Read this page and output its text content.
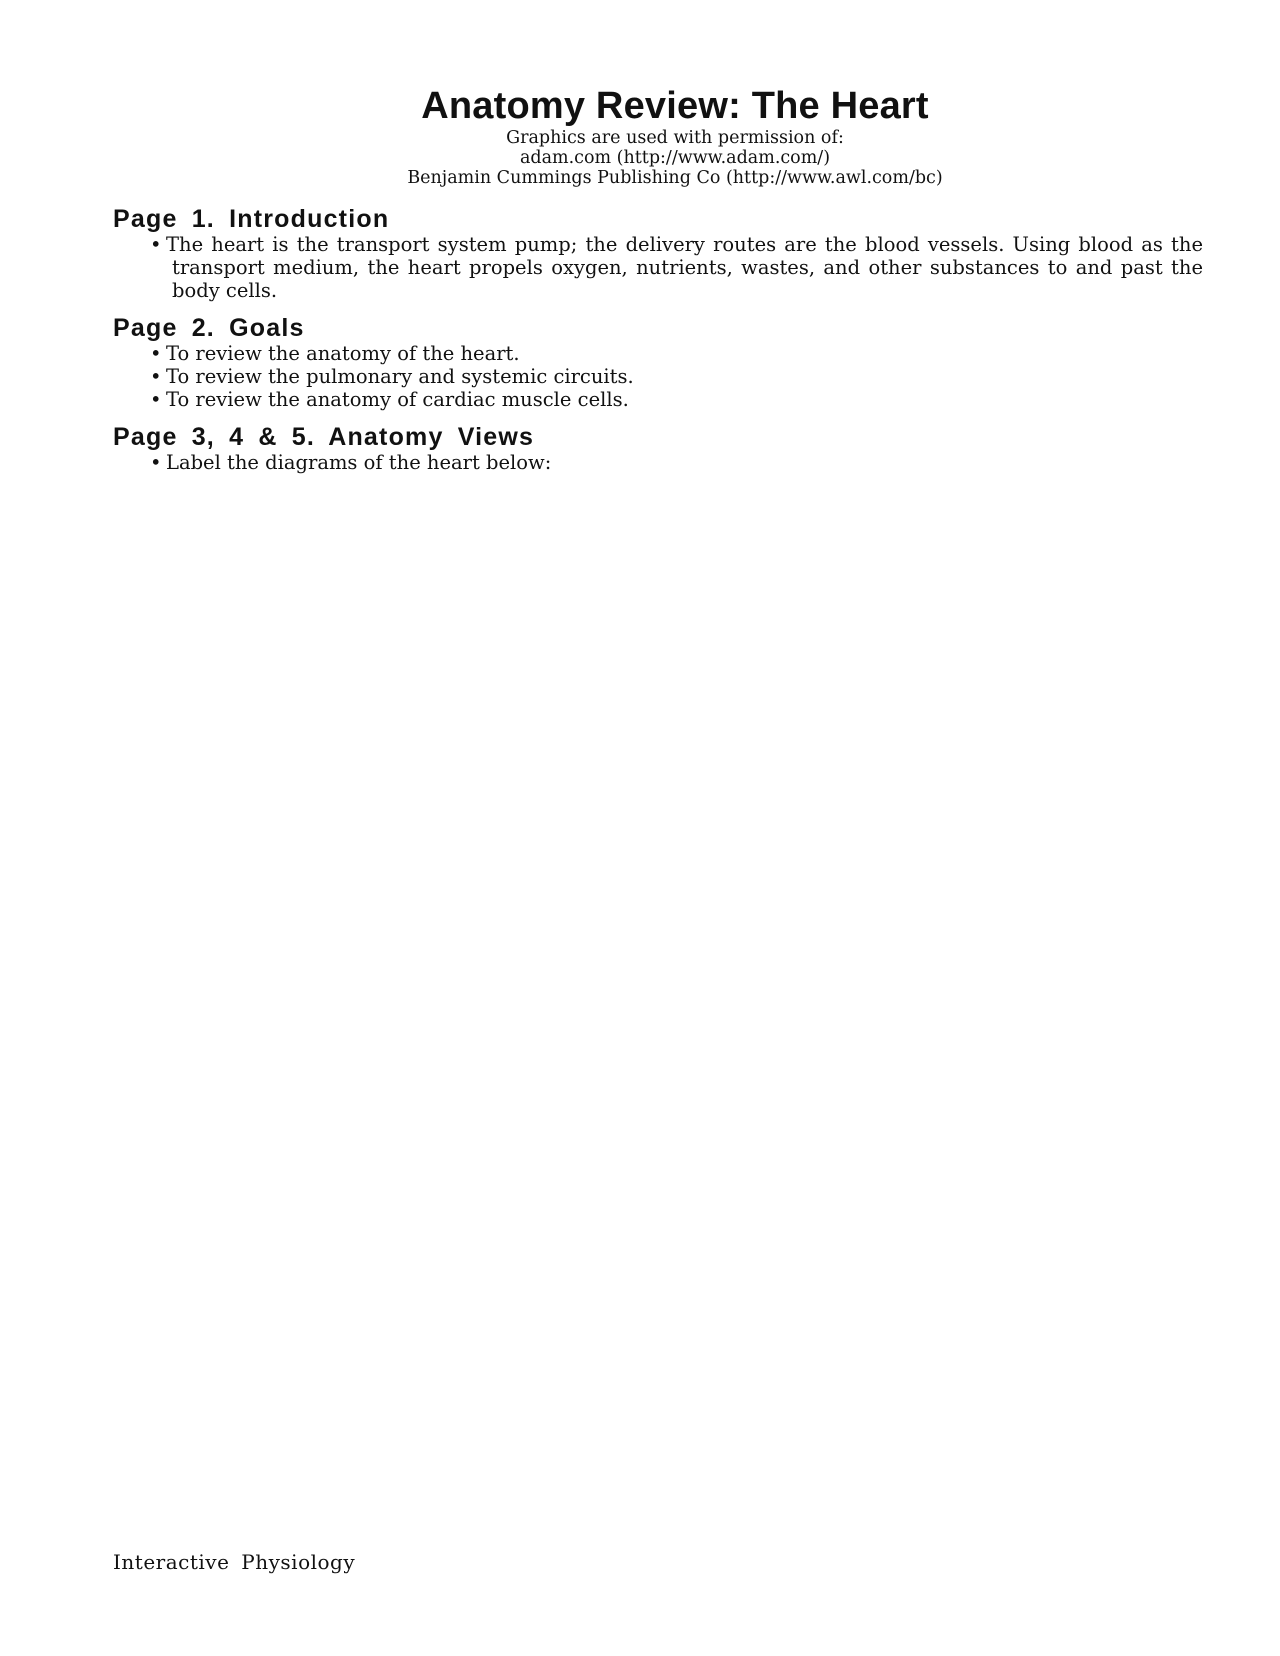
Anatomy Review: The Heart

Graphics are used with permission of:

adam.com (http://www.adam.com/)

Benjamin Cummings Publishing Co (http://www.awl.com/bc)

Page 1. Introduction
• The heart is the transport system pump; the delivery routes are the blood vessels. Using blood as the transport medium, the heart propels oxygen, nutrients, wastes, and other substances to and past the body cells.
Page 2. Goals
• To review the anatomy of the heart.
• To review the pulmonary and systemic circuits.
• To review the anatomy of cardiac muscle cells.
Page 3, 4 & 5. Anatomy Views
• Label the diagrams of the heart below:
Interactive Physiology
